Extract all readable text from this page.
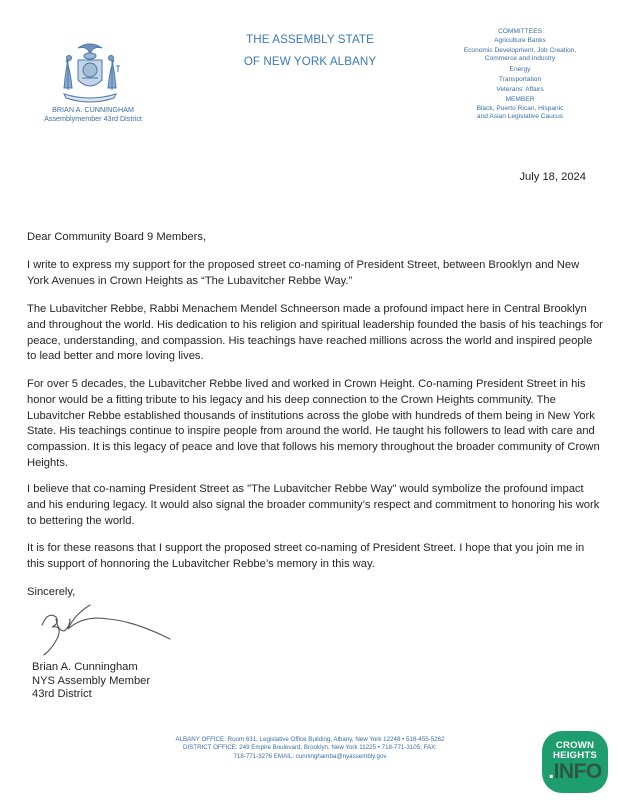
BRIAN A. CUNNINGHAM
Assemblymember 43rd District
THE ASSEMBLY STATE
OF NEW YORK ALBANY
COMMITTEES
Agriculture Banks
Economic Development, Job Creation,
Commerce and Industry
Energy
Transportation
Veterans' Affairs
MEMBER
Black, Puerto Rican, Hispanic
and Asian Legislative Caucus
July 18, 2024

Dear Community Board 9 Members,

I write to express my support for the proposed street co-naming of President Street, between Brooklyn and New York Avenues in Crown Heights as “The Lubavitcher Rebbe Way.”

The Lubavitcher Rebbe, Rabbi Menachem Mendel Schneerson made a profound impact here in Central Brooklyn and throughout the world. His dedication to his religion and spiritual leadership founded the basis of his teachings for peace, understanding, and compassion. His teachings have reached millions across the world and inspired people to lead better and more loving lives.

For over 5 decades, the Lubavitcher Rebbe lived and worked in Crown Height. Co-naming President Street in his honor would be a fitting tribute to his legacy and his deep connection to the Crown Heights community. The Lubavitcher Rebbe established thousands of institutions across the globe with hundreds of them being in New York State. His teachings continue to inspire people from around the world. He taught his followers to lead with care and compassion. It is this legacy of peace and love that follows his memory throughout the broader community of Crown Heights.

I believe that co-naming President Street as "The Lubavitcher Rebbe Way" would symbolize the profound impact and his enduring legacy. It would also signal the broader community’s respect and commitment to honoring his work to bettering the world.

It is for these reasons that I support the proposed street co-naming of President Street. I hope that you join me in this support of honnoring the Lubavitcher Rebbe’s memory in this way.

Sincerely,

Brian A. Cunningham
NYS Assembly Member
43rd District
ALBANY OFFICE: Room 631, Legislative Office Building, Albany, New York 12248 • 518-455-5262
DISTRICT OFFICE: 249 Empire Boulevard, Brooklyn, New York 11225 • 718-771-3105, FAX:
718-771-3276 EMAIL: cunninghamba@nyassembly.gov
CROWN
HEIGHTS
.INFO
